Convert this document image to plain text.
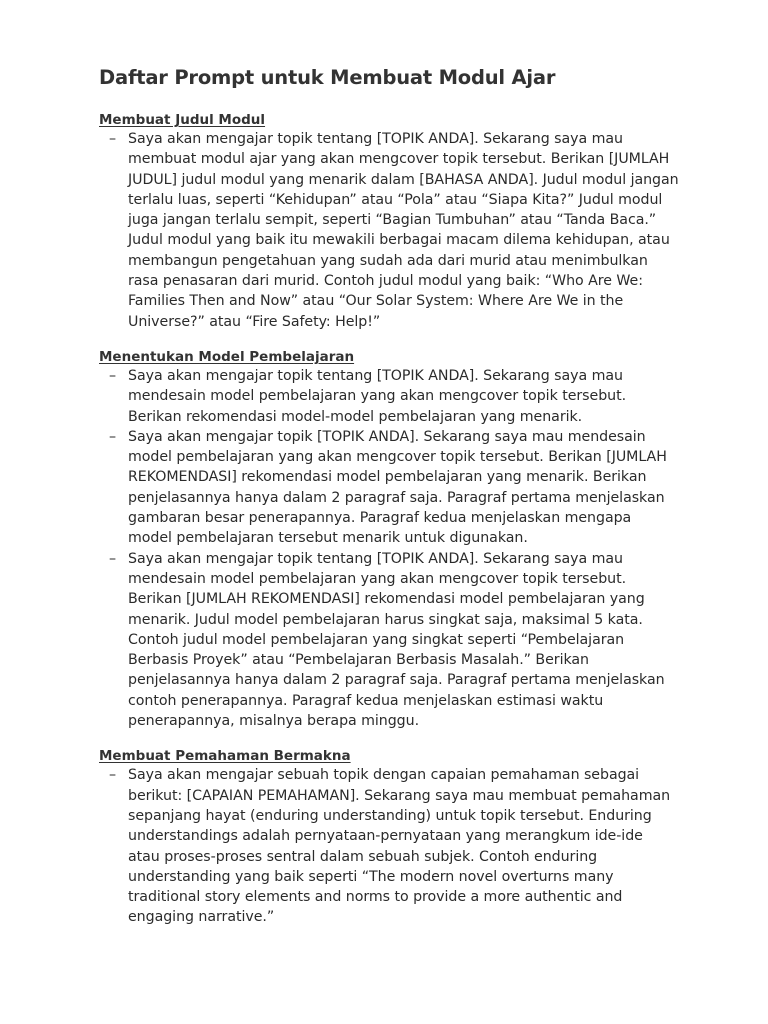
Daftar Prompt untuk Membuat Modul Ajar

Membuat Judul Modul

– Saya akan mengajar topik tentang [TOPIK ANDA]. Sekarang saya mau membuat modul ajar yang akan mengcover topik tersebut. Berikan [JUMLAH JUDUL] judul modul yang menarik dalam [BAHASA ANDA]. Judul modul jangan terlalu luas, seperti “Kehidupan” atau “Pola” atau “Siapa Kita?” Judul modul juga jangan terlalu sempit, seperti “Bagian Tumbuhan” atau “Tanda Baca.” Judul modul yang baik itu mewakili berbagai macam dilema kehidupan, atau membangun pengetahuan yang sudah ada dari murid atau menimbulkan rasa penasaran dari murid. Contoh judul modul yang baik: “Who Are We: Families Then and Now” atau “Our Solar System: Where Are We in the Universe?” atau “Fire Safety: Help!”

Menentukan Model Pembelajaran

– Saya akan mengajar topik tentang [TOPIK ANDA]. Sekarang saya mau mendesain model pembelajaran yang akan mengcover topik tersebut. Berikan rekomendasi model-model pembelajaran yang menarik.
– Saya akan mengajar topik [TOPIK ANDA]. Sekarang saya mau mendesain model pembelajaran yang akan mengcover topik tersebut. Berikan [JUMLAH REKOMENDASI] rekomendasi model pembelajaran yang menarik. Berikan penjelasannya hanya dalam 2 paragraf saja. Paragraf pertama menjelaskan gambaran besar penerapannya. Paragraf kedua menjelaskan mengapa model pembelajaran tersebut menarik untuk digunakan.
– Saya akan mengajar topik tentang [TOPIK ANDA]. Sekarang saya mau mendesain model pembelajaran yang akan mengcover topik tersebut. Berikan [JUMLAH REKOMENDASI] rekomendasi model pembelajaran yang menarik. Judul model pembelajaran harus singkat saja, maksimal 5 kata. Contoh judul model pembelajaran yang singkat seperti “Pembelajaran Berbasis Proyek” atau “Pembelajaran Berbasis Masalah.” Berikan penjelasannya hanya dalam 2 paragraf saja. Paragraf pertama menjelaskan contoh penerapannya. Paragraf kedua menjelaskan estimasi waktu penerapannya, misalnya berapa minggu.

Membuat Pemahaman Bermakna

– Saya akan mengajar sebuah topik dengan capaian pemahaman sebagai berikut: [CAPAIAN PEMAHAMAN]. Sekarang saya mau membuat pemahaman sepanjang hayat (enduring understanding) untuk topik tersebut. Enduring understandings adalah pernyataan-pernyataan yang merangkum ide-ide atau proses-proses sentral dalam sebuah subjek. Contoh enduring understanding yang baik seperti “The modern novel overturns many traditional story elements and norms to provide a more authentic and engaging narrative.”
